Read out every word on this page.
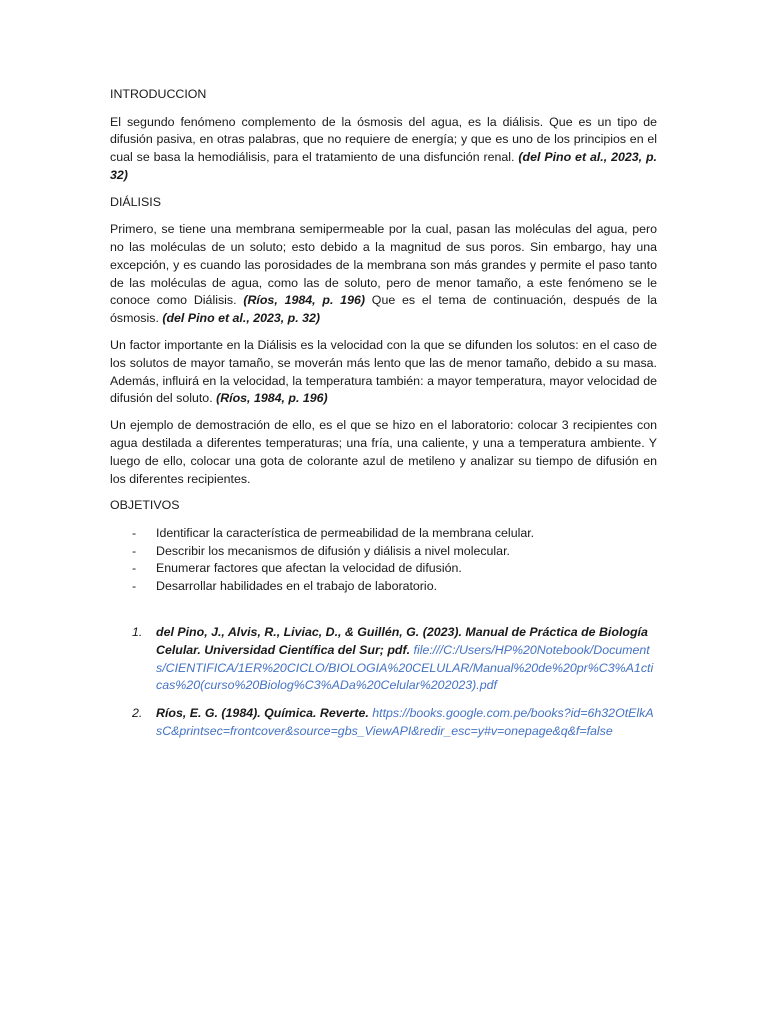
INTRODUCCION

El segundo fenómeno complemento de la ósmosis del agua, es la diálisis. Que es un tipo de difusión pasiva, en otras palabras, que no requiere de energía; y que es uno de los principios en el cual se basa la hemodiálisis, para el tratamiento de una disfunción renal. (del Pino et al., 2023, p. 32)

DIÁLISIS

Primero, se tiene una membrana semipermeable por la cual, pasan las moléculas del agua, pero no las moléculas de un soluto; esto debido a la magnitud de sus poros. Sin embargo, hay una excepción, y es cuando las porosidades de la membrana son más grandes y permite el paso tanto de las moléculas de agua, como las de soluto, pero de menor tamaño, a este fenómeno se le conoce como Diálisis. (Ríos, 1984, p. 196) Que es el tema de continuación, después de la ósmosis. (del Pino et al., 2023, p. 32)

Un factor importante en la Diálisis es la velocidad con la que se difunden los solutos: en el caso de los solutos de mayor tamaño, se moverán más lento que las de menor tamaño, debido a su masa. Además, influirá en la velocidad, la temperatura también: a mayor temperatura, mayor velocidad de difusión del soluto. (Ríos, 1984, p. 196)

Un ejemplo de demostración de ello, es el que se hizo en el laboratorio: colocar 3 recipientes con agua destilada a diferentes temperaturas; una fría, una caliente, y una a temperatura ambiente. Y luego de ello, colocar una gota de colorante azul de metileno y analizar su tiempo de difusión en los diferentes recipientes.

OBJETIVOS
- Identificar la característica de permeabilidad de la membrana celular.
- Describir los mecanismos de difusión y diálisis a nivel molecular.
- Enumerar factores que afectan la velocidad de difusión.
- Desarrollar habilidades en el trabajo de laboratorio.
1. del Pino, J., Alvis, R., Liviac, D., & Guillén, G. (2023). Manual de Práctica de Biología Celular. Universidad Científica del Sur; pdf. file:///C:/Users/HP%20Notebook/Documents/CIENTIFICA/1ER%20CICLO/BIOLOGIA%20CELULAR/Manual%20de%20pr%C3%A1cticas%20(curso%20Biolog%C3%ADa%20Celular%202023).pdf
2. Ríos, E. G. (1984). Química. Reverte. https://books.google.com.pe/books?id=6h32OtElkAsC&printsec=frontcover&source=gbs_ViewAPI&redir_esc=y#v=onepage&q&f=false
